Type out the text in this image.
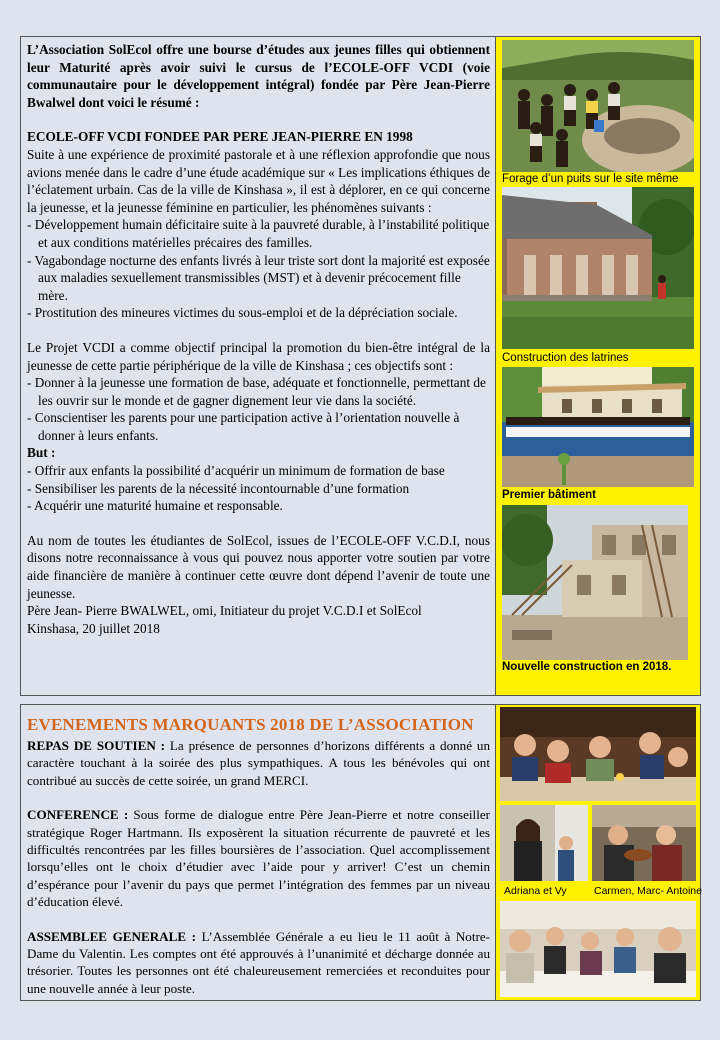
L’Association SolEcol offre une bourse d’études aux jeunes filles qui obtiennent leur Maturité après avoir suivi le cursus de l’ECOLE-OFF VCDI (voie communautaire pour le développement intégral) fondée par Père Jean-Pierre Bwalwel dont voici le résumé :

ECOLE-OFF VCDI FONDEE PAR PERE JEAN-PIERRE EN 1998

Suite à une expérience de proximité pastorale et à une réflexion approfondie que nous avions menée dans le cadre d’une étude académique sur « Les implications éthiques de l’éclatement urbain. Cas de la ville de Kinshasa », il est à déplorer, en ce qui concerne la jeunesse, et la jeunesse féminine en particulier, les phénomènes suivants :

- Développement humain déficitaire suite à la pauvreté durable, à l’instabilité politique et aux conditions matérielles précaires des familles.

- Vagabondage nocturne des enfants livrés à leur triste sort dont la majorité est exposée aux maladies sexuellement transmissibles (MST) et à devenir précocement fille mère.

- Prostitution des mineures victimes du sous-emploi et de la dépréciation sociale.

Le Projet VCDI a comme objectif principal la promotion du bien-être intégral de la jeunesse de cette partie périphérique de la ville de Kinshasa ; ces objectifs sont :

- Donner à la jeunesse une formation de base, adéquate et fonctionnelle, permettant de les ouvrir sur le monde et de gagner dignement leur vie dans la société.

- Conscientiser les parents pour une participation active à l’orientation nouvelle à donner à leurs enfants.

But :

- Offrir aux enfants la possibilité d’acquérir un minimum de formation de base

- Sensibiliser les parents de la nécessité incontournable d’une formation

- Acquérir une maturité humaine et responsable.

Au nom de toutes les étudiantes de SolEcol, issues de l’ECOLE-OFF V.C.D.I, nous disons notre reconnaissance à vous qui pouvez nous apporter votre soutien par votre aide financière de manière à continuer cette œuvre dont dépend l’avenir de toute une jeunesse.

Père Jean- Pierre BWALWEL, omi, Initiateur du projet V.C.D.I et SolEcol

Kinshasa, 20 juillet 2018

Forage d’un puits sur le site même
Construction des latrines
Premier bâtiment
Nouvelle construction en 2018.
EVENEMENTS MARQUANTS 2018 DE L’ASSOCIATION

REPAS DE SOUTIEN : La présence de personnes d’horizons différents a donné un caractère touchant à la soirée des plus sympathiques. A tous les bénévoles qui ont contribué au succès de cette soirée, un grand MERCI.

CONFERENCE : Sous forme de dialogue entre Père Jean-Pierre et notre conseiller stratégique Roger Hartmann. Ils exposèrent la situation récurrente de pauvreté et les difficultés rencontrées par les filles boursières de l’association. Quel accomplissement lorsqu’elles ont le choix d’étudier avec l’aide pour y arriver! C’est un chemin d’espérance pour l’avenir du pays que permet l’intégration des femmes par un niveau d’éducation élevé.

ASSEMBLEE GENERALE : L’Assemblée Générale a eu lieu le 11 août à Notre-Dame du Valentin. Les comptes ont été approuvés à l’unanimité et décharge donnée au trésorier. Toutes les personnes ont été chaleureusement remerciées et reconduites pour une nouvelle année à leur poste.

Adriana et Vy	Carmen, Marc- Antoine
